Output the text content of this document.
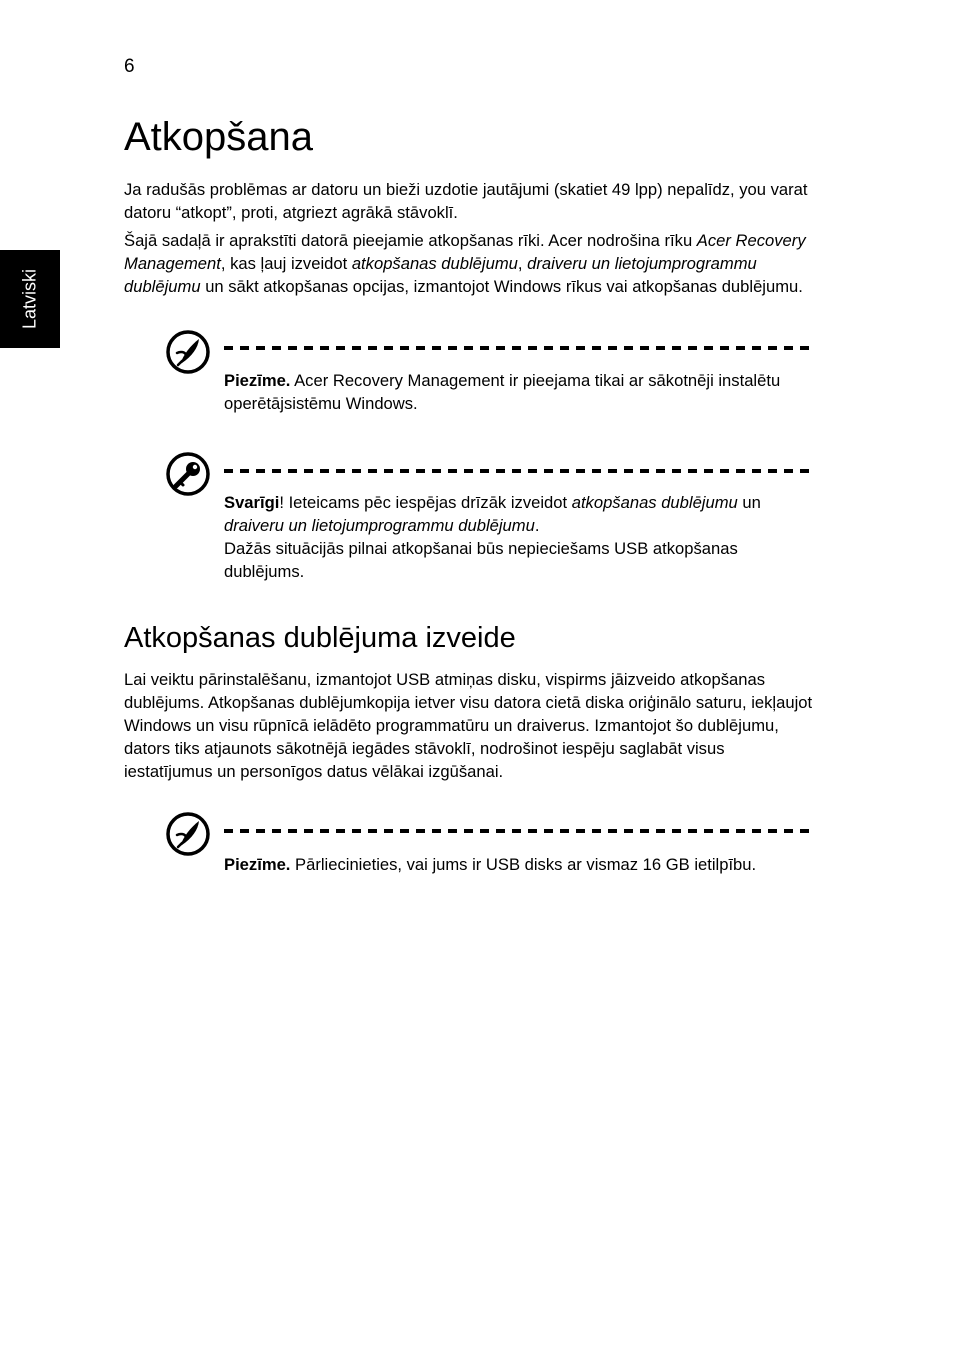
6
Latviski
Atkopšana

Ja radušās problēmas ar datoru un bieži uzdotie jautājumi (skatiet 49 lpp) nepalīdz, you varat datoru “atkopt”, proti, atgriezt agrākā stāvoklī.

Šajā sadaļā ir aprakstīti datorā pieejamie atkopšanas rīki. Acer nodrošina rīku Acer Recovery Management, kas ļauj izveidot atkopšanas dublējumu, draiveru un lietojumprogrammu dublējumu un sākt atkopšanas opcijas, izmantojot Windows rīkus vai atkopšanas dublējumu.

Piezīme. Acer Recovery Management ir pieejama tikai ar sākotnēji instalētu operētājsistēmu Windows.

Svarīgi! Ieteicams pēc iespējas drīzāk izveidot atkopšanas dublējumu un draiveru un lietojumprogrammu dublējumu.
Dažās situācijās pilnai atkopšanai būs nepieciešams USB atkopšanas dublējums.

Atkopšanas dublējuma izveide

Lai veiktu pārinstalēšanu, izmantojot USB atmiņas disku, vispirms jāizveido atkopšanas dublējums. Atkopšanas dublējumkopija ietver visu datora cietā diska oriģinālo saturu, iekļaujot Windows un visu rūpnīcā ielādēto programmatūru un draiverus. Izmantojot šo dublējumu, dators tiks atjaunots sākotnējā iegādes stāvoklī, nodrošinot iespēju saglabāt visus iestatījumus un personīgos datus vēlākai izgūšanai.

Piezīme. Pārliecinieties, vai jums ir USB disks ar vismaz 16 GB ietilpību.
